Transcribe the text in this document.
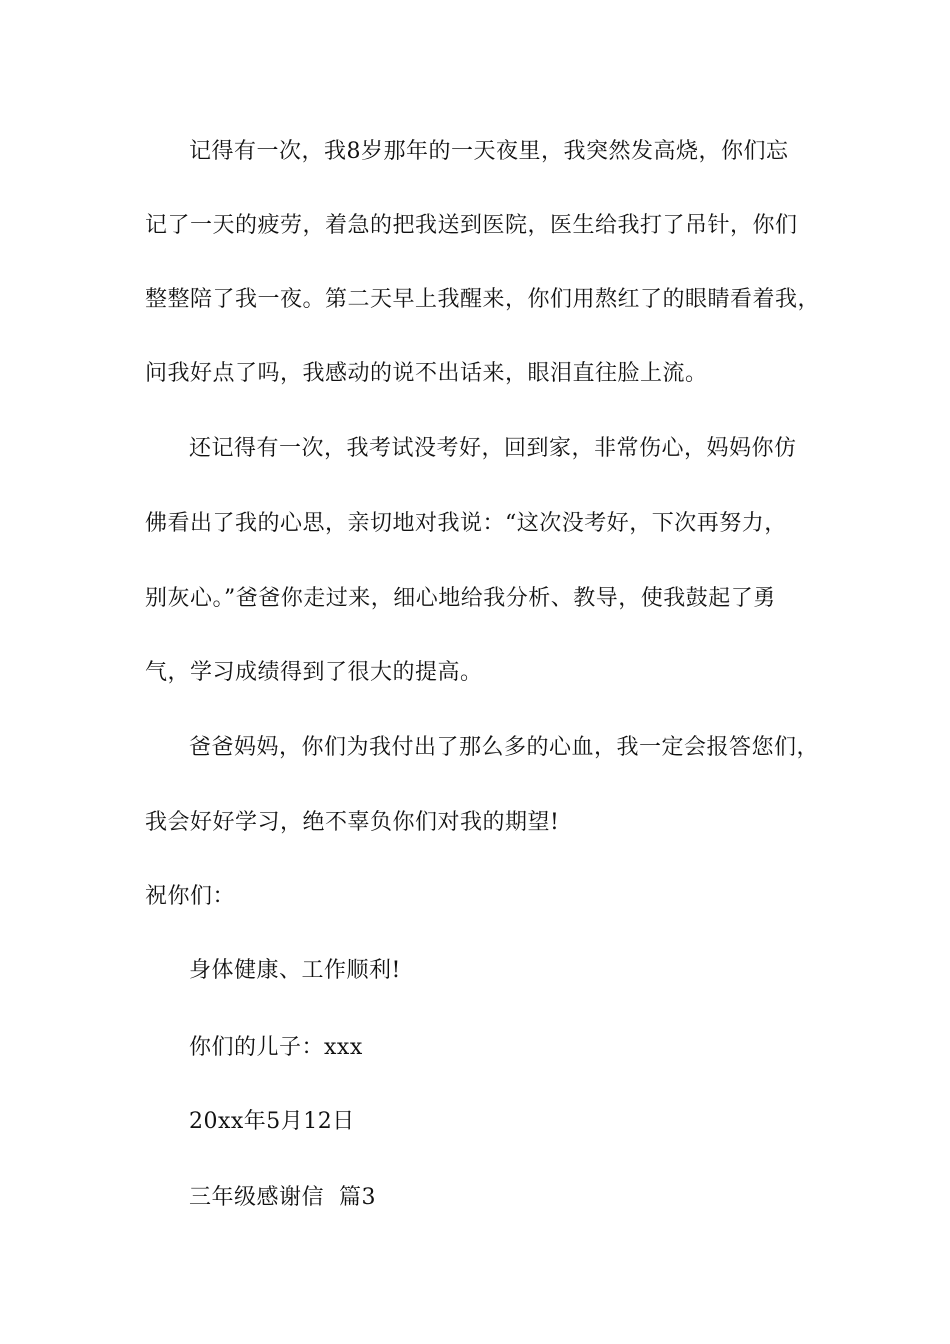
记得有一次，我8岁那年的一天夜里，我突然发高烧，你们忘
记了一天的疲劳，着急的把我送到医院，医生给我打了吊针，你们
整整陪了我一夜。第二天早上我醒来，你们用熬红了的眼睛看着我，
问我好点了吗，我感动的说不出话来，眼泪直往脸上流。
还记得有一次，我考试没考好，回到家，非常伤心，妈妈你仿
佛看出了我的心思，亲切地对我说：“这次没考好，下次再努力，
别灰心。”爸爸你走过来，细心地给我分析、教导，使我鼓起了勇
气，学习成绩得到了很大的提高。
爸爸妈妈，你们为我付出了那么多的心血，我一定会报答您们，
我会好好学习，绝不辜负你们对我的期望!
祝你们：
身体健康、工作顺利!
你们的儿子：xxx
20xx年5月12日
三年级感谢信  篇3
